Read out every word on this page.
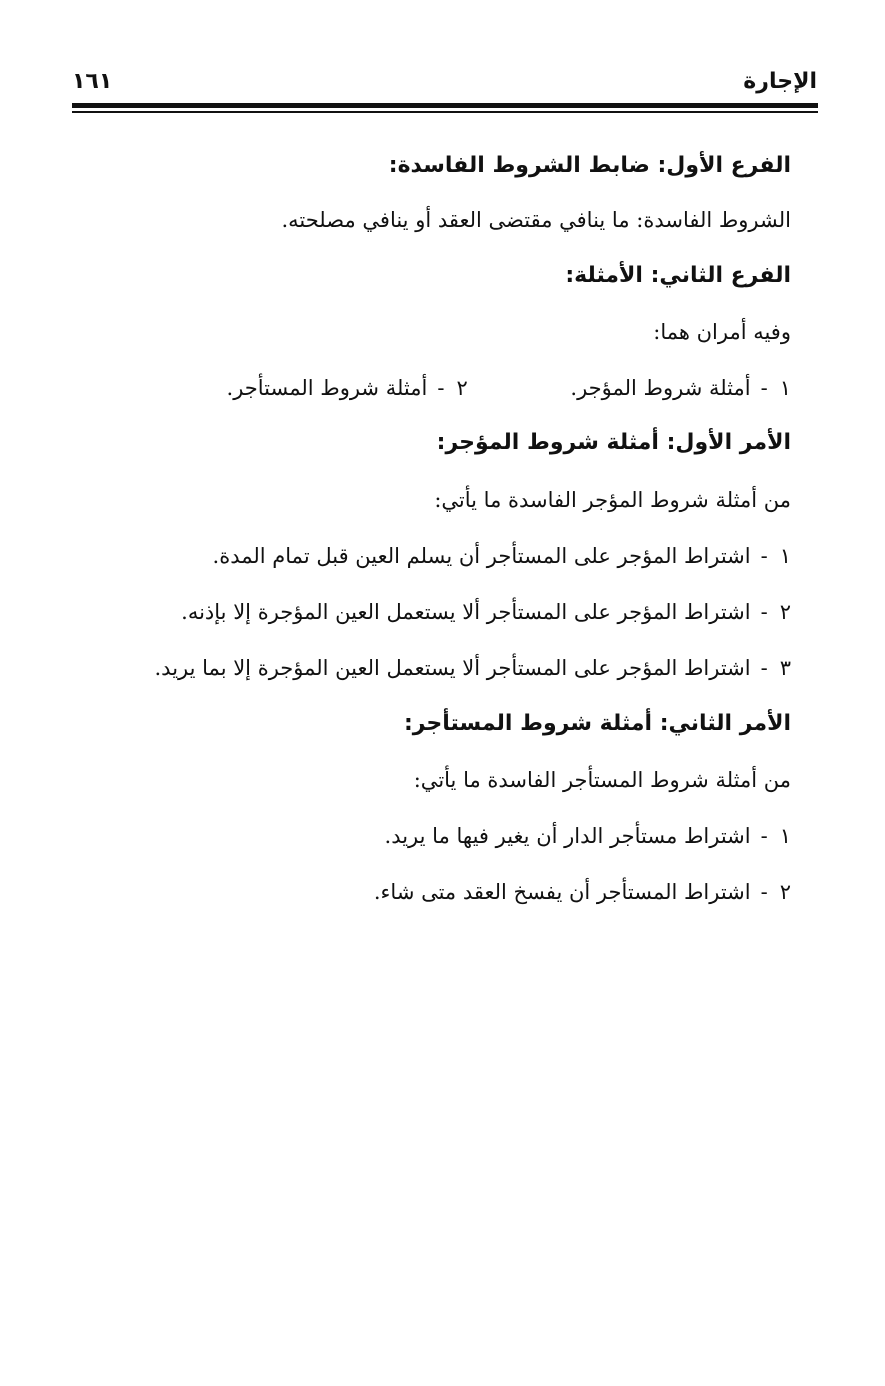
الإجارة
١٦١
الفرع الأول: ضابط الشروط الفاسدة:
الشروط الفاسدة: ما ينافي مقتضى العقد أو ينافي مصلحته.
الفرع الثاني: الأمثلة:
وفيه أمران هما:
١-أمثلة شروط المؤجر. ٢-أمثلة شروط المستأجر.
الأمر الأول: أمثلة شروط المؤجر:
من أمثلة شروط المؤجر الفاسدة ما يأتي:
١-اشتراط المؤجر على المستأجر أن يسلم العين قبل تمام المدة.
٢-اشتراط المؤجر على المستأجر ألا يستعمل العين المؤجرة إلا بإذنه.
٣-اشتراط المؤجر على المستأجر ألا يستعمل العين المؤجرة إلا بما يريد.
الأمر الثاني: أمثلة شروط المستأجر:
من أمثلة شروط المستأجر الفاسدة ما يأتي:
١-اشتراط مستأجر الدار أن يغير فيها ما يريد.
٢-اشتراط المستأجر أن يفسخ العقد متى شاء.
